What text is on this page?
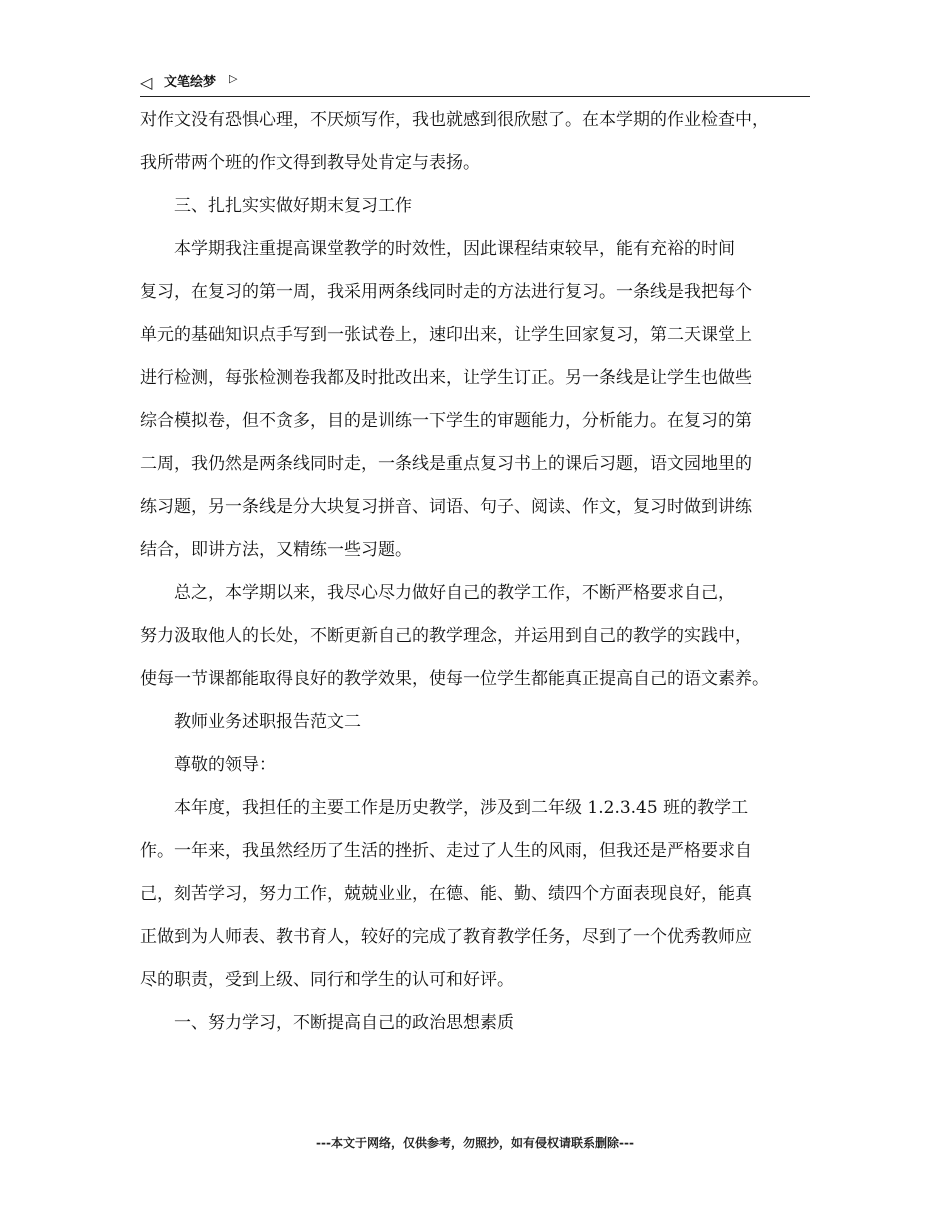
◁ 文笔绘梦 ▷
对作文没有恐惧心理，不厌烦写作，我也就感到很欣慰了。在本学期的作业检查中，
我所带两个班的作文得到教导处肯定与表扬。
　　三、扎扎实实做好期末复习工作
　　本学期我注重提高课堂教学的时效性，因此课程结束较早，能有充裕的时间
复习，在复习的第一周，我采用两条线同时走的方法进行复习。一条线是我把每个
单元的基础知识点手写到一张试卷上，速印出来，让学生回家复习，第二天课堂上
进行检测，每张检测卷我都及时批改出来，让学生订正。另一条线是让学生也做些
综合模拟卷，但不贪多，目的是训练一下学生的审题能力，分析能力。在复习的第
二周，我仍然是两条线同时走，一条线是重点复习书上的课后习题，语文园地里的
练习题，另一条线是分大块复习拼音、词语、句子、阅读、作文，复习时做到讲练
结合，即讲方法，又精练一些习题。
　　总之，本学期以来，我尽心尽力做好自己的教学工作，不断严格要求自己，
努力汲取他人的长处，不断更新自己的教学理念，并运用到自己的教学的实践中，
使每一节课都能取得良好的教学效果，使每一位学生都能真正提高自己的语文素养。
　　教师业务述职报告范文二
　　尊敬的领导：
　　本年度，我担任的主要工作是历史教学，涉及到二年级 1.2.3.45 班的教学工
作。一年来，我虽然经历了生活的挫折、走过了人生的风雨，但我还是严格要求自
己，刻苦学习，努力工作，兢兢业业，在德、能、勤、绩四个方面表现良好，能真
正做到为人师表、教书育人，较好的完成了教育教学任务，尽到了一个优秀教师应
尽的职责，受到上级、同行和学生的认可和好评。
　　一、努力学习，不断提高自己的政治思想素质
---本文于网络，仅供参考，勿照抄，如有侵权请联系删除---
